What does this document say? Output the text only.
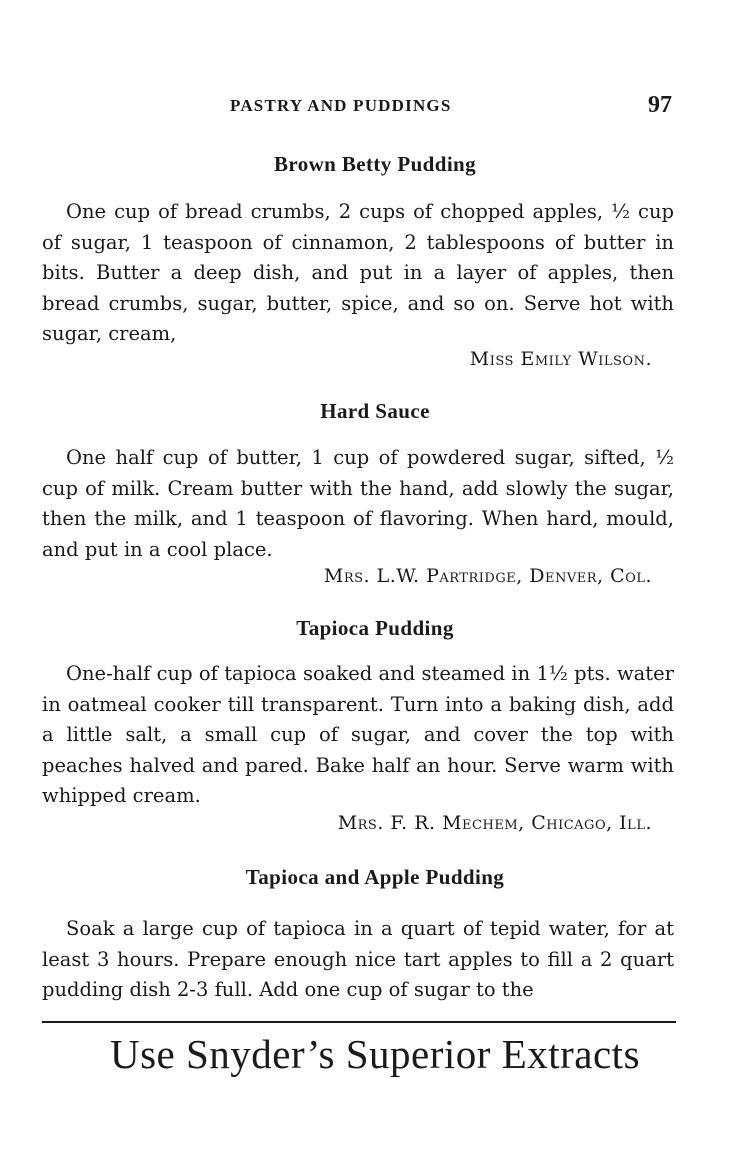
PASTRY AND PUDDINGS	97
Brown Betty Pudding

One cup of bread crumbs, 2 cups of chopped apples, ½ cup of sugar, 1 teaspoon of cinnamon, 2 tablespoons of butter in bits. Butter a deep dish, and put in a layer of apples, then bread crumbs, sugar, butter, spice, and so on. Serve hot with sugar, cream,

Miss Emily Wilson.
Hard Sauce

One half cup of butter, 1 cup of powdered sugar, sifted, ½ cup of milk. Cream butter with the hand, add slowly the sugar, then the milk, and 1 teaspoon of flavoring. When hard, mould, and put in a cool place.

Mrs. L.W. Partridge, Denver, Col.
Tapioca Pudding

One-half cup of tapioca soaked and steamed in 1½ pts. water in oatmeal cooker till transparent. Turn into a baking dish, add a little salt, a small cup of sugar, and cover the top with peaches halved and pared. Bake half an hour. Serve warm with whipped cream.

Mrs. F. R. Mechem, Chicago, Ill.
Tapioca and Apple Pudding

Soak a large cup of tapioca in a quart of tepid water, for at least 3 hours. Prepare enough nice tart apples to fill a 2 quart pudding dish 2-3 full. Add one cup of sugar to the

Use Snyder’s Superior Extracts
